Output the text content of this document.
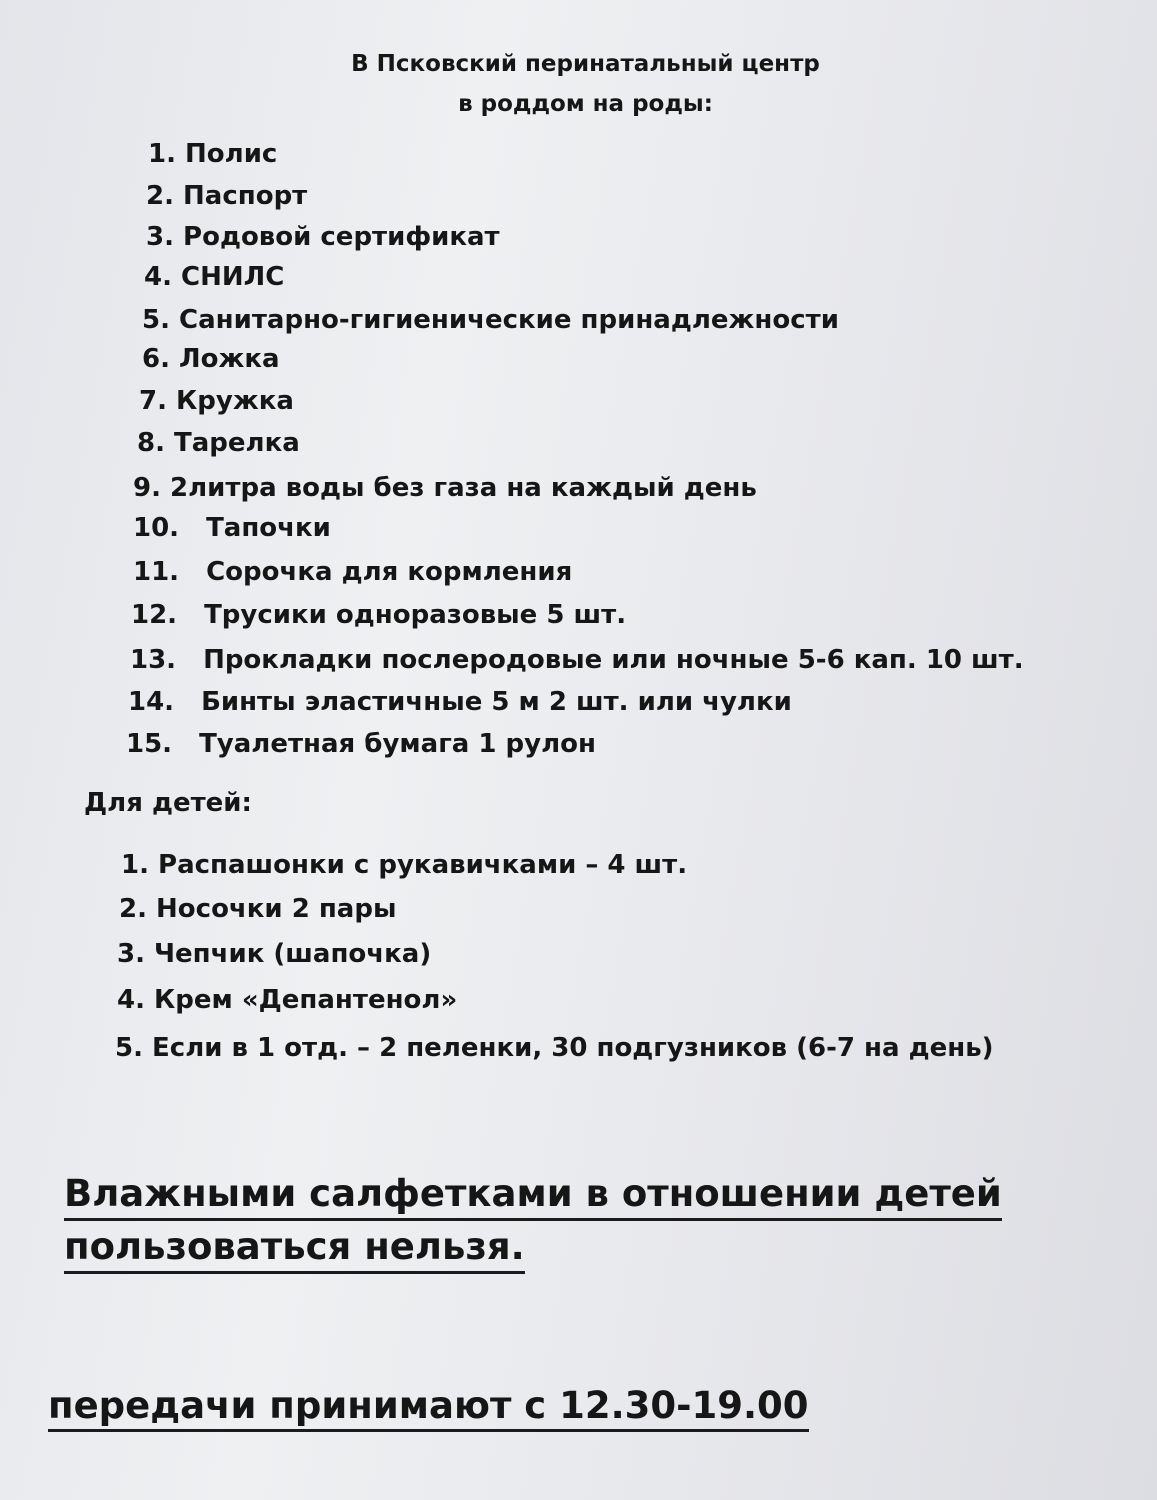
В Псковский перинатальный центр
в роддом на роды:
1. Полис
2. Паспорт
3. Родовой сертификат
4. СНИЛС
5. Санитарно-гигиенические принадлежности
6. Ложка
7. Кружка
8. Тарелка
9. 2литра воды без газа на каждый день
10. Тапочки
11. Сорочка для кормления
12. Трусики одноразовые 5 шт.
13. Прокладки послеродовые или ночные 5-6 кап. 10 шт.
14. Бинты эластичные 5 м 2 шт. или чулки
15. Туалетная бумага 1 рулон
Для детей:
1. Распашонки с рукавичками – 4 шт.
2. Носочки 2 пары
3. Чепчик (шапочка)
4. Крем «Депантенол»
5. Если в 1 отд. – 2 пеленки, 30 подгузников (6-7 на день)
Влажными салфетками в отношении детей
пользоваться нельзя.
передачи принимают с 12.30-19.00
